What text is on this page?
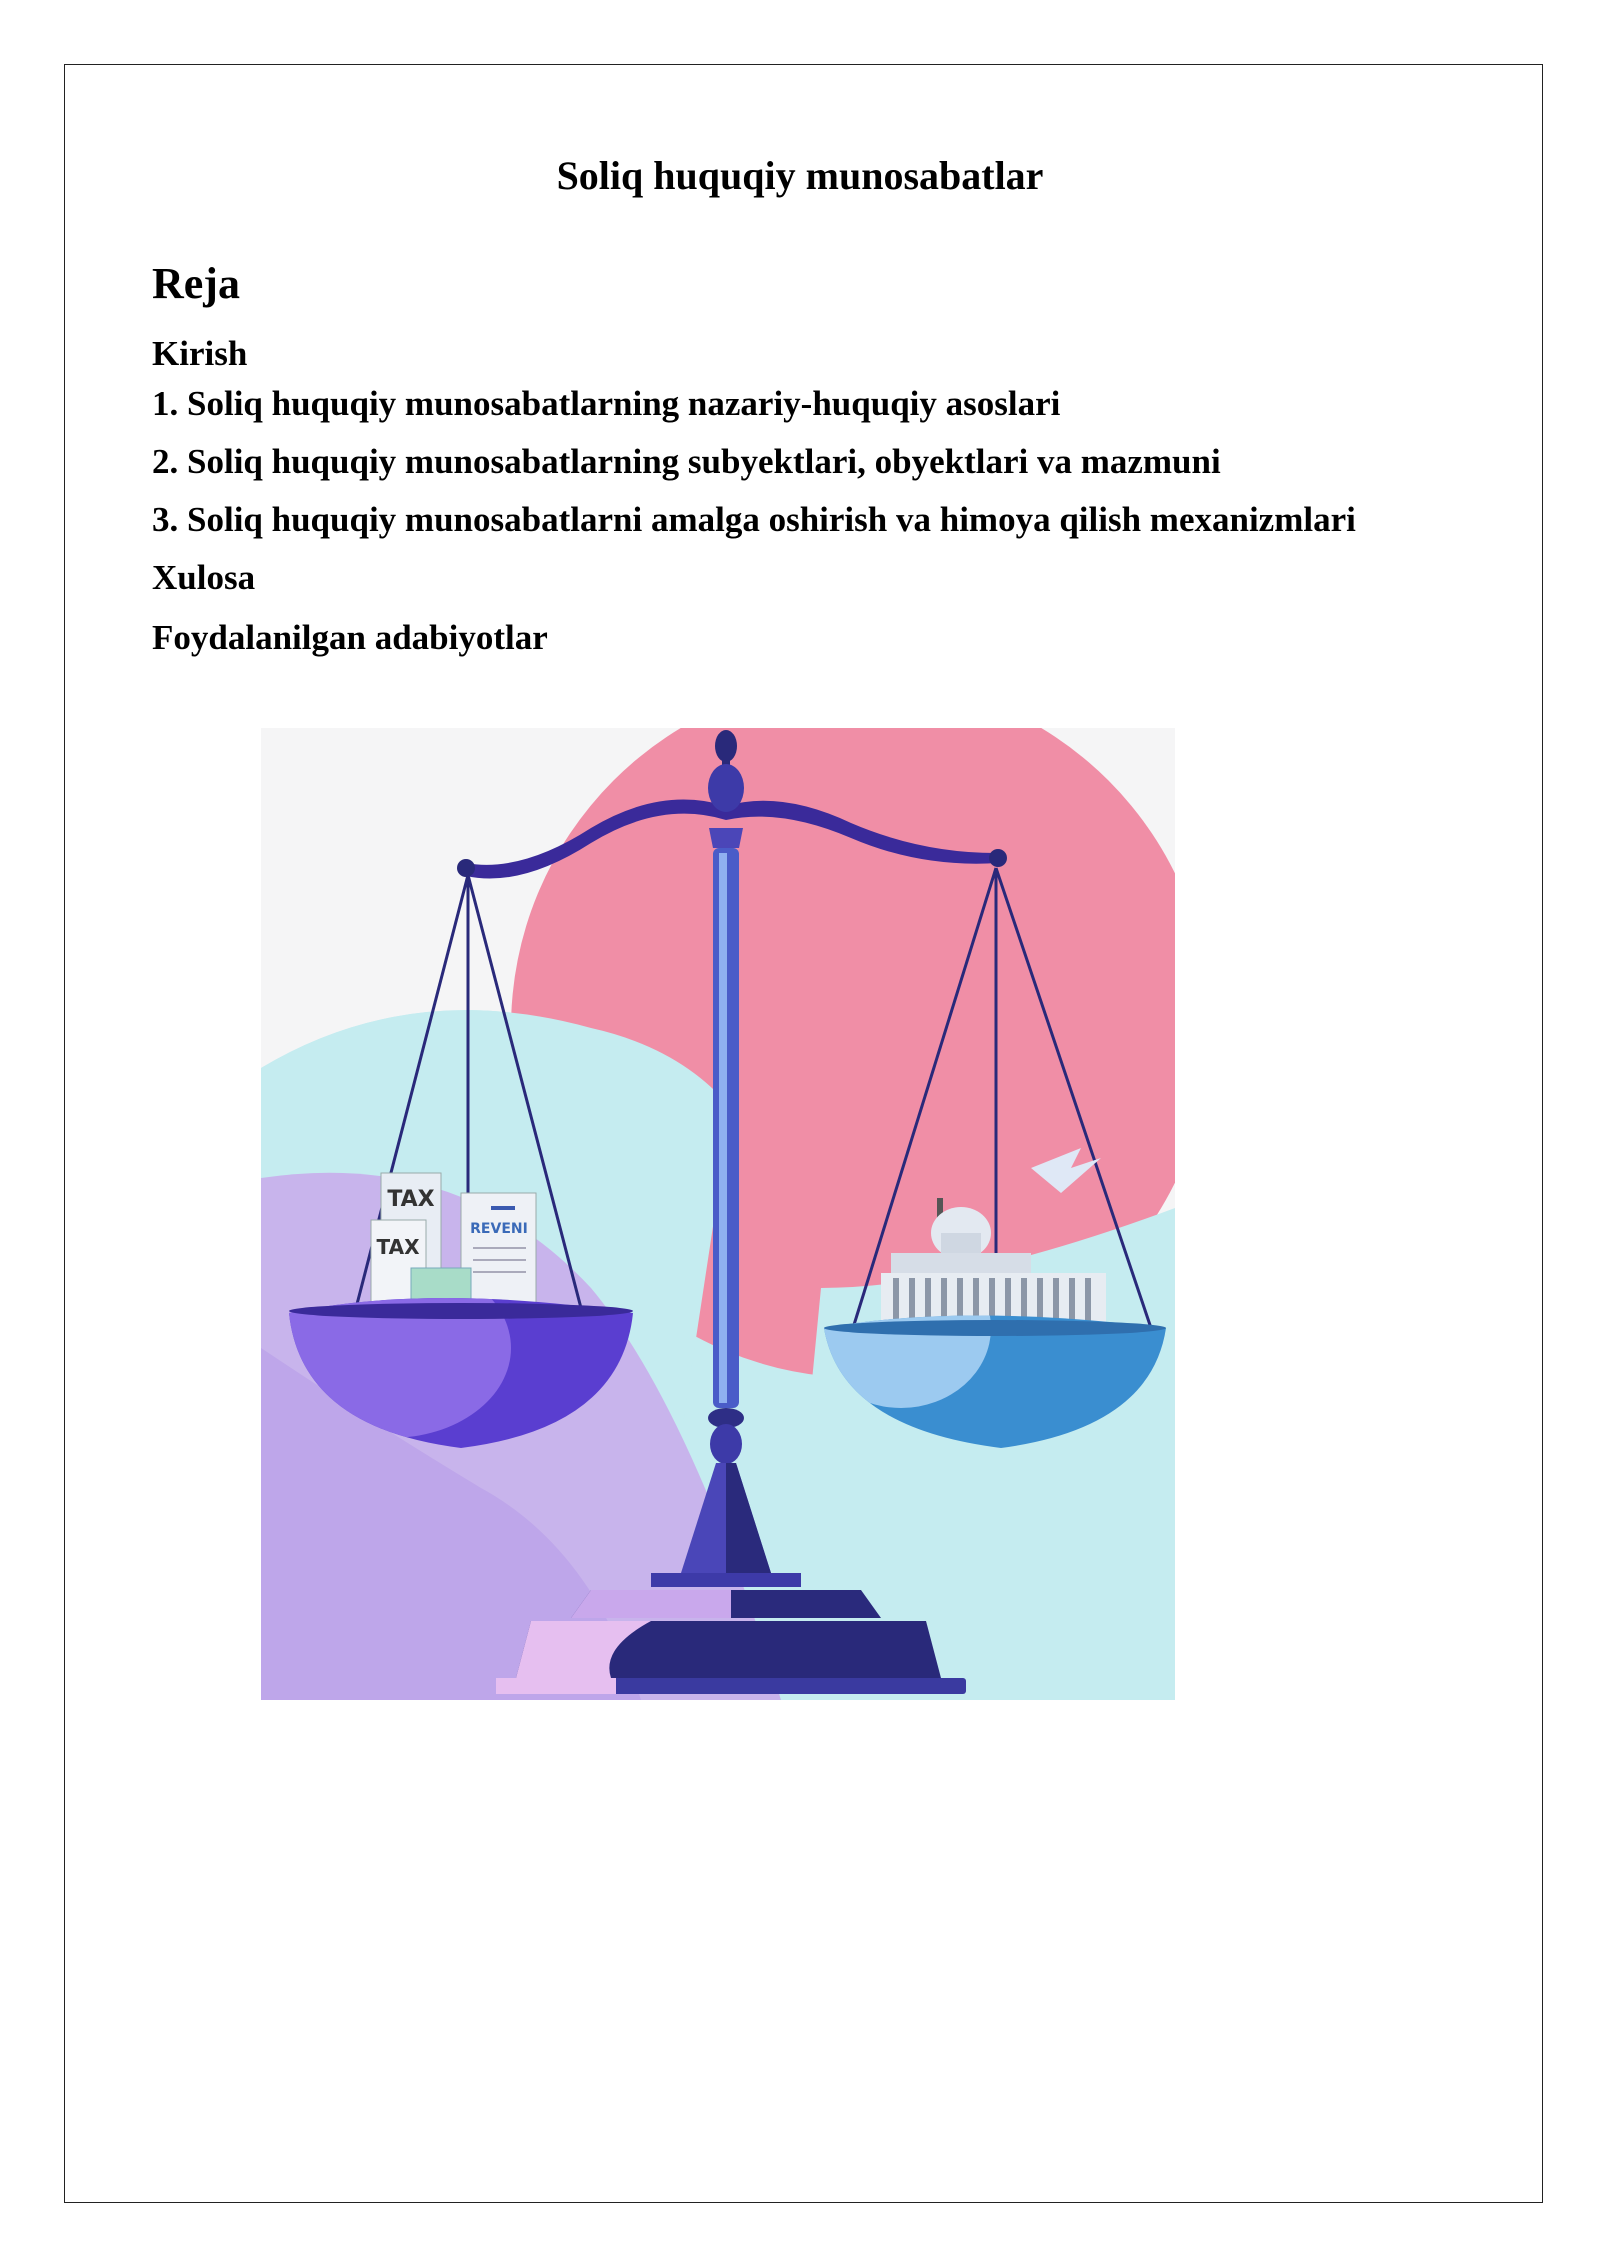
Soliq huquqiy munosabatlar
Reja
Kirish
1. Soliq huquqiy munosabatlarning nazariy-huquqiy asoslari
2. Soliq huquqiy munosabatlarning subyektlari, obyektlari va mazmuni
3. Soliq huquqiy munosabatlarni amalga oshirish va himoya qilish mexanizmlari
Xulosa
Foydalanilgan adabiyotlar
TAX
TAX
REVENI
